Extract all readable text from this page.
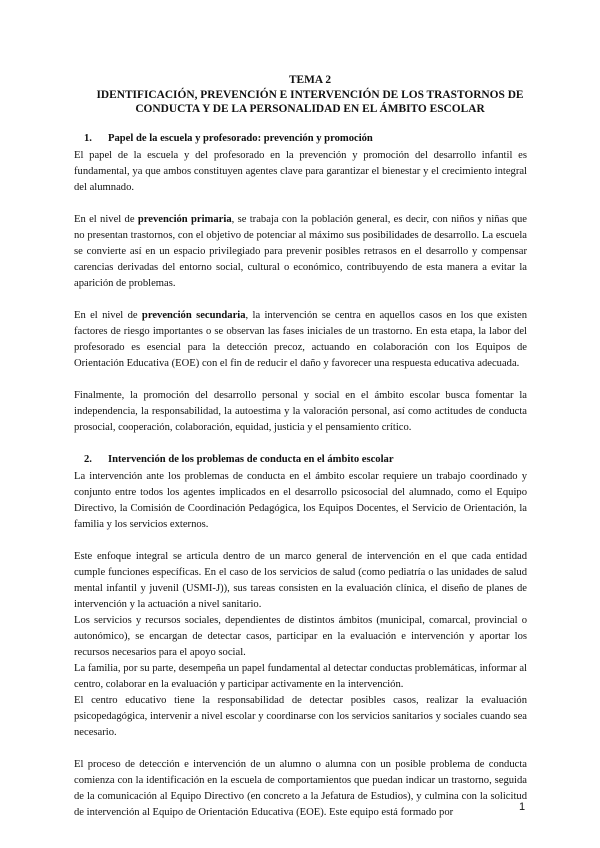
TEMA 2
IDENTIFICACIÓN, PREVENCIÓN E INTERVENCIÓN DE LOS TRASTORNOS DE
CONDUCTA Y DE LA PERSONALIDAD EN EL ÁMBITO ESCOLAR
1. Papel de la escuela y profesorado: prevención y promoción

El papel de la escuela y del profesorado en la prevención y promoción del desarrollo infantil es fundamental, ya que ambos constituyen agentes clave para garantizar el bienestar y el crecimiento integral del alumnado.

En el nivel de prevención primaria, se trabaja con la población general, es decir, con niños y niñas que no presentan trastornos, con el objetivo de potenciar al máximo sus posibilidades de desarrollo. La escuela se convierte así en un espacio privilegiado para prevenir posibles retrasos en el desarrollo y compensar carencias derivadas del entorno social, cultural o económico, contribuyendo de esta manera a evitar la aparición de problemas.

En el nivel de prevención secundaria, la intervención se centra en aquellos casos en los que existen factores de riesgo importantes o se observan las fases iniciales de un trastorno. En esta etapa, la labor del profesorado es esencial para la detección precoz, actuando en colaboración con los Equipos de Orientación Educativa (EOE) con el fin de reducir el daño y favorecer una respuesta educativa adecuada.

Finalmente, la promoción del desarrollo personal y social en el ámbito escolar busca fomentar la independencia, la responsabilidad, la autoestima y la valoración personal, así como actitudes de conducta prosocial, cooperación, colaboración, equidad, justicia y el pensamiento crítico.

2. Intervención de los problemas de conducta en el ámbito escolar

La intervención ante los problemas de conducta en el ámbito escolar requiere un trabajo coordinado y conjunto entre todos los agentes implicados en el desarrollo psicosocial del alumnado, como el Equipo Directivo, la Comisión de Coordinación Pedagógica, los Equipos Docentes, el Servicio de Orientación, la familia y los servicios externos.

Este enfoque integral se articula dentro de un marco general de intervención en el que cada entidad cumple funciones específicas. En el caso de los servicios de salud (como pediatría o las unidades de salud mental infantil y juvenil (USMI-J)), sus tareas consisten en la evaluación clínica, el diseño de planes de intervención y la actuación a nivel sanitario.

Los servicios y recursos sociales, dependientes de distintos ámbitos (municipal, comarcal, provincial o autonómico), se encargan de detectar casos, participar en la evaluación e intervención y aportar los recursos necesarios para el apoyo social.

La familia, por su parte, desempeña un papel fundamental al detectar conductas problemáticas, informar al centro, colaborar en la evaluación y participar activamente en la intervención.

El centro educativo tiene la responsabilidad de detectar posibles casos, realizar la evaluación psicopedagógica, intervenir a nivel escolar y coordinarse con los servicios sanitarios y sociales cuando sea necesario.

El proceso de detección e intervención de un alumno o alumna con un posible problema de conducta comienza con la identificación en la escuela de comportamientos que puedan indicar un trastorno, seguida de la comunicación al Equipo Directivo (en concreto a la Jefatura de Estudios), y culmina con la solicitud de intervención al Equipo de Orientación Educativa (EOE). Este equipo está formado por	1
